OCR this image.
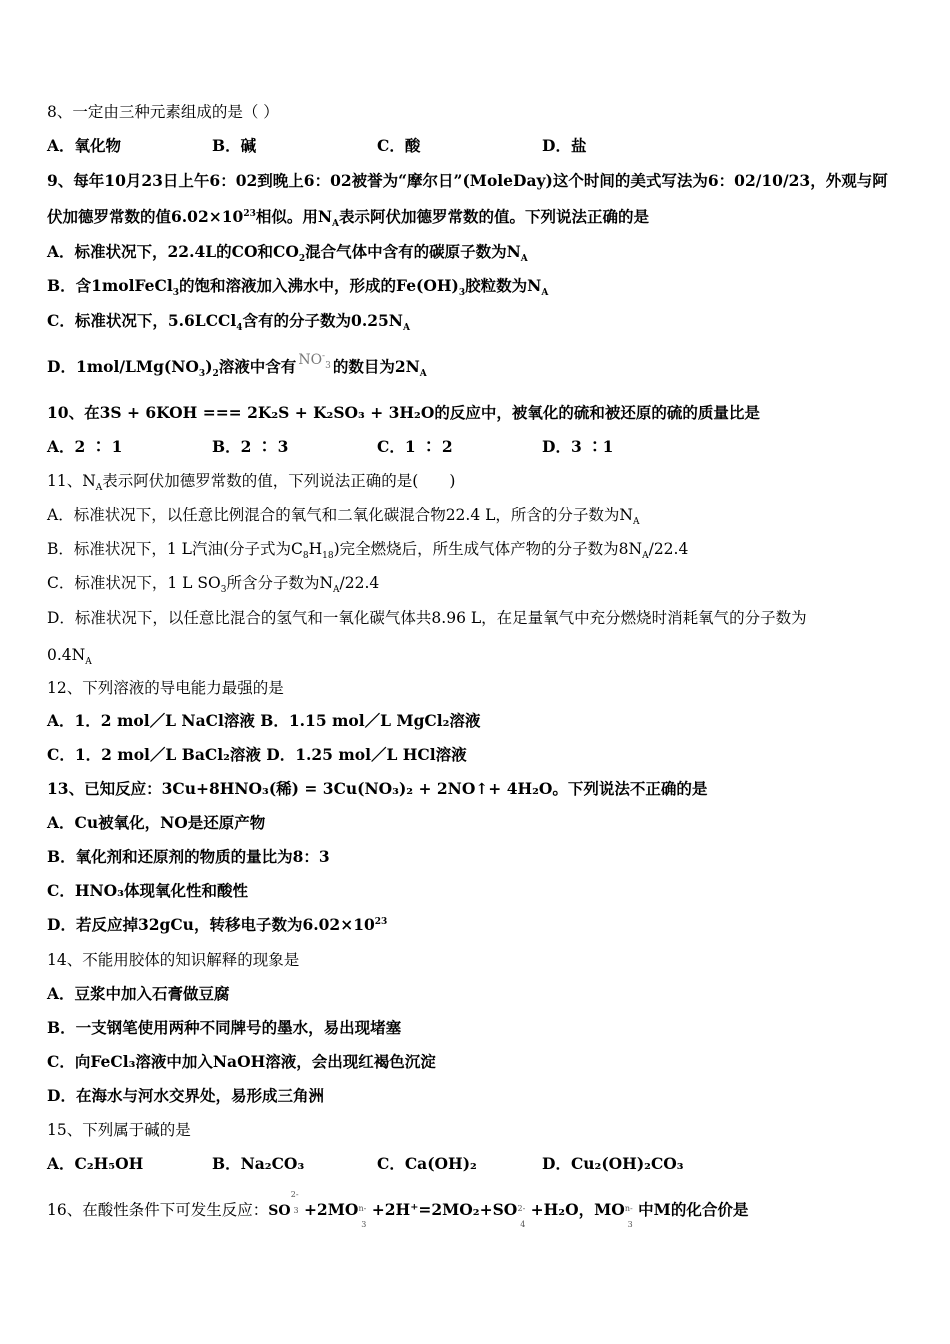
8、一定由三种元素组成的是（ ）
A．氧化物	B．碱	C．酸	D．盐
9、每年10月23日上午6：02到晚上6：02被誉为“摩尔日”(MoleDay)这个时间的美式写法为6：02/10/23，外观与阿
伏加德罗常数的值$6.02\times 10^{23}$相似。用$N_A$表示阿伏加德罗常数的值。下列说法正确的是
A．标准状况下，22.4L的CO和$CO_2$混合气体中含有的碳原子数为$N_A$
B．含1molFeCl$_3$的饱和溶液加入沸水中，形成的$Fe(OH)_3$胶粒数为$N_A$
C．标准状况下，5.6LCCl$_4$含有的分子数为$0.25N_A$
D．$1mol/LMg(NO_3)_2$溶液中含有 $NO^-_3$ 的数目为$2N_A$
10、在3S + 6KOH === 2K₂S + K₂SO₃ + 3H₂O的反应中，被氧化的硫和被还原的硫的质量比是
A．2 ∶ 1	B．2 ∶ 3	C．1 ∶ 2	D．3 ∶1
11、$N_A$表示阿伏加德罗常数的值，下列说法正确的是(　　)
A．标准状况下，以任意比例混合的氧气和二氧化碳混合物22.4 L，所含的分子数为$N_A$
B．标准状况下，1 L汽油(分子式为$C_8H_{18}$)完全燃烧后，所生成气体产物的分子数为$8N_A/22.4$
C．标准状况下，1 L $SO_3$所含分子数为$N_A/22.4$
D．标准状况下，以任意比混合的氢气和一氧化碳气体共8.96 L，在足量氧气中充分燃烧时消耗氧气的分子数为
$0.4N_A$
12、下列溶液的导电能力最强的是
A．1．2 mol／L NaCl溶液 B．1.15 mol／L MgCl₂溶液
C．1．2 mol／L BaCl₂溶液 D．1.25 mol／L HCl溶液
13、已知反应：3Cu+8HNO₃(稀) = 3Cu(NO₃)₂ + 2NO↑+ 4H₂O。下列说法不正确的是
A．Cu被氧化，NO是还原产物
B．氧化剂和还原剂的物质的量比为8：3
C．HNO₃体现氧化性和酸性
D．若反应掉32gCu，转移电子数为$6.02\times 10^{23}$
14、不能用胶体的知识解释的现象是
A．豆浆中加入石膏做豆腐
B．一支钢笔使用两种不同牌号的墨水，易出现堵塞
C．向FeCl₃溶液中加入NaOH溶液，会出现红褐色沉淀
D．在海水与河水交界处，易形成三角洲
15、下列属于碱的是
A．C₂H₅OH	B．Na₂CO₃	C．Ca(OH)₂	D．Cu₂(OH)₂CO₃
16、在酸性条件下可发生反应：SO
2-
3 +2MO n-
3
+2H⁺=2MO₂+SO 2-
4
+H₂O，MO n-
3
中M的化合价是
